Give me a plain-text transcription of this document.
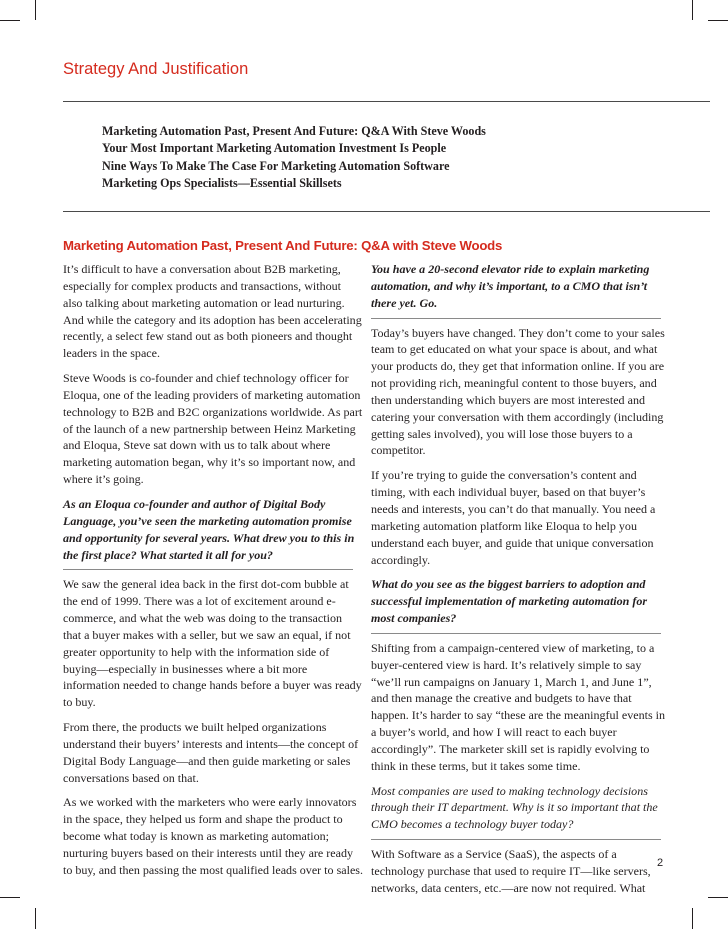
Strategy And Justification
Marketing Automation Past, Present And Future: Q&A With Steve Woods
Your Most Important Marketing Automation Investment Is People
Nine Ways To Make The Case For Marketing Automation Software
Marketing Ops Specialists—Essential Skillsets
Marketing Automation Past, Present And Future: Q&A with Steve Woods

It’s difficult to have a conversation about B2B marketing, especially for complex products and transactions, without also talking about marketing automation or lead nurturing. And while the category and its adoption has been accelerating recently, a select few stand out as both pioneers and thought leaders in the space.

Steve Woods is co-founder and chief technology officer for Eloqua, one of the leading providers of marketing automation technology to B2B and B2C organizations worldwide. As part of the launch of a new partnership between Heinz Marketing and Eloqua, Steve sat down with us to talk about where marketing automation began, why it’s so important now, and where it’s going.

As an Eloqua co-founder and author of Digital Body Language, you’ve seen the marketing automation promise and opportunity for several years. What drew you to this in the first place? What started it all for you?

We saw the general idea back in the first dot-com bubble at the end of 1999. There was a lot of excitement around e-commerce, and what the web was doing to the transaction that a buyer makes with a seller, but we saw an equal, if not greater opportunity to help with the information side of buying—especially in businesses where a bit more information needed to change hands before a buyer was ready to buy.

From there, the products we built helped organizations understand their buyers’ interests and intents—the concept of Digital Body Language—and then guide marketing or sales conversations based on that.

As we worked with the marketers who were early innovators in the space, they helped us form and shape the product to become what today is known as marketing automation; nurturing buyers based on their interests until they are ready to buy, and then passing the most qualified leads over to sales.

You have a 20-second elevator ride to explain marketing automation, and why it’s important, to a CMO that isn’t there yet. Go.

Today’s buyers have changed. They don’t come to your sales team to get educated on what your space is about, and what your products do, they get that information online. If you are not providing rich, meaningful content to those buyers, and then understanding which buyers are most interested and catering your conversation with them accordingly (including getting sales involved), you will lose those buyers to a competitor.

If you’re trying to guide the conversation’s content and timing, with each individual buyer, based on that buyer’s needs and interests, you can’t do that manually. You need a marketing automation platform like Eloqua to help you understand each buyer, and guide that unique conversation accordingly.

What do you see as the biggest barriers to adoption and successful implementation of marketing automation for most companies?

Shifting from a campaign-centered view of marketing, to a buyer-centered view is hard. It’s relatively simple to say “we’ll run campaigns on January 1, March 1, and June 1”, and then manage the creative and budgets to have that happen. It’s harder to say “these are the meaningful events in a buyer’s world, and how I will react to each buyer accordingly”. The marketer skill set is rapidly evolving to think in these terms, but it takes some time.

Most companies are used to making technology decisions through their IT department. Why is it so important that the CMO becomes a technology buyer today?

With Software as a Service (SaaS), the aspects of a technology purchase that used to require IT—like servers, networks, data centers, etc.—are now not required. What

2
